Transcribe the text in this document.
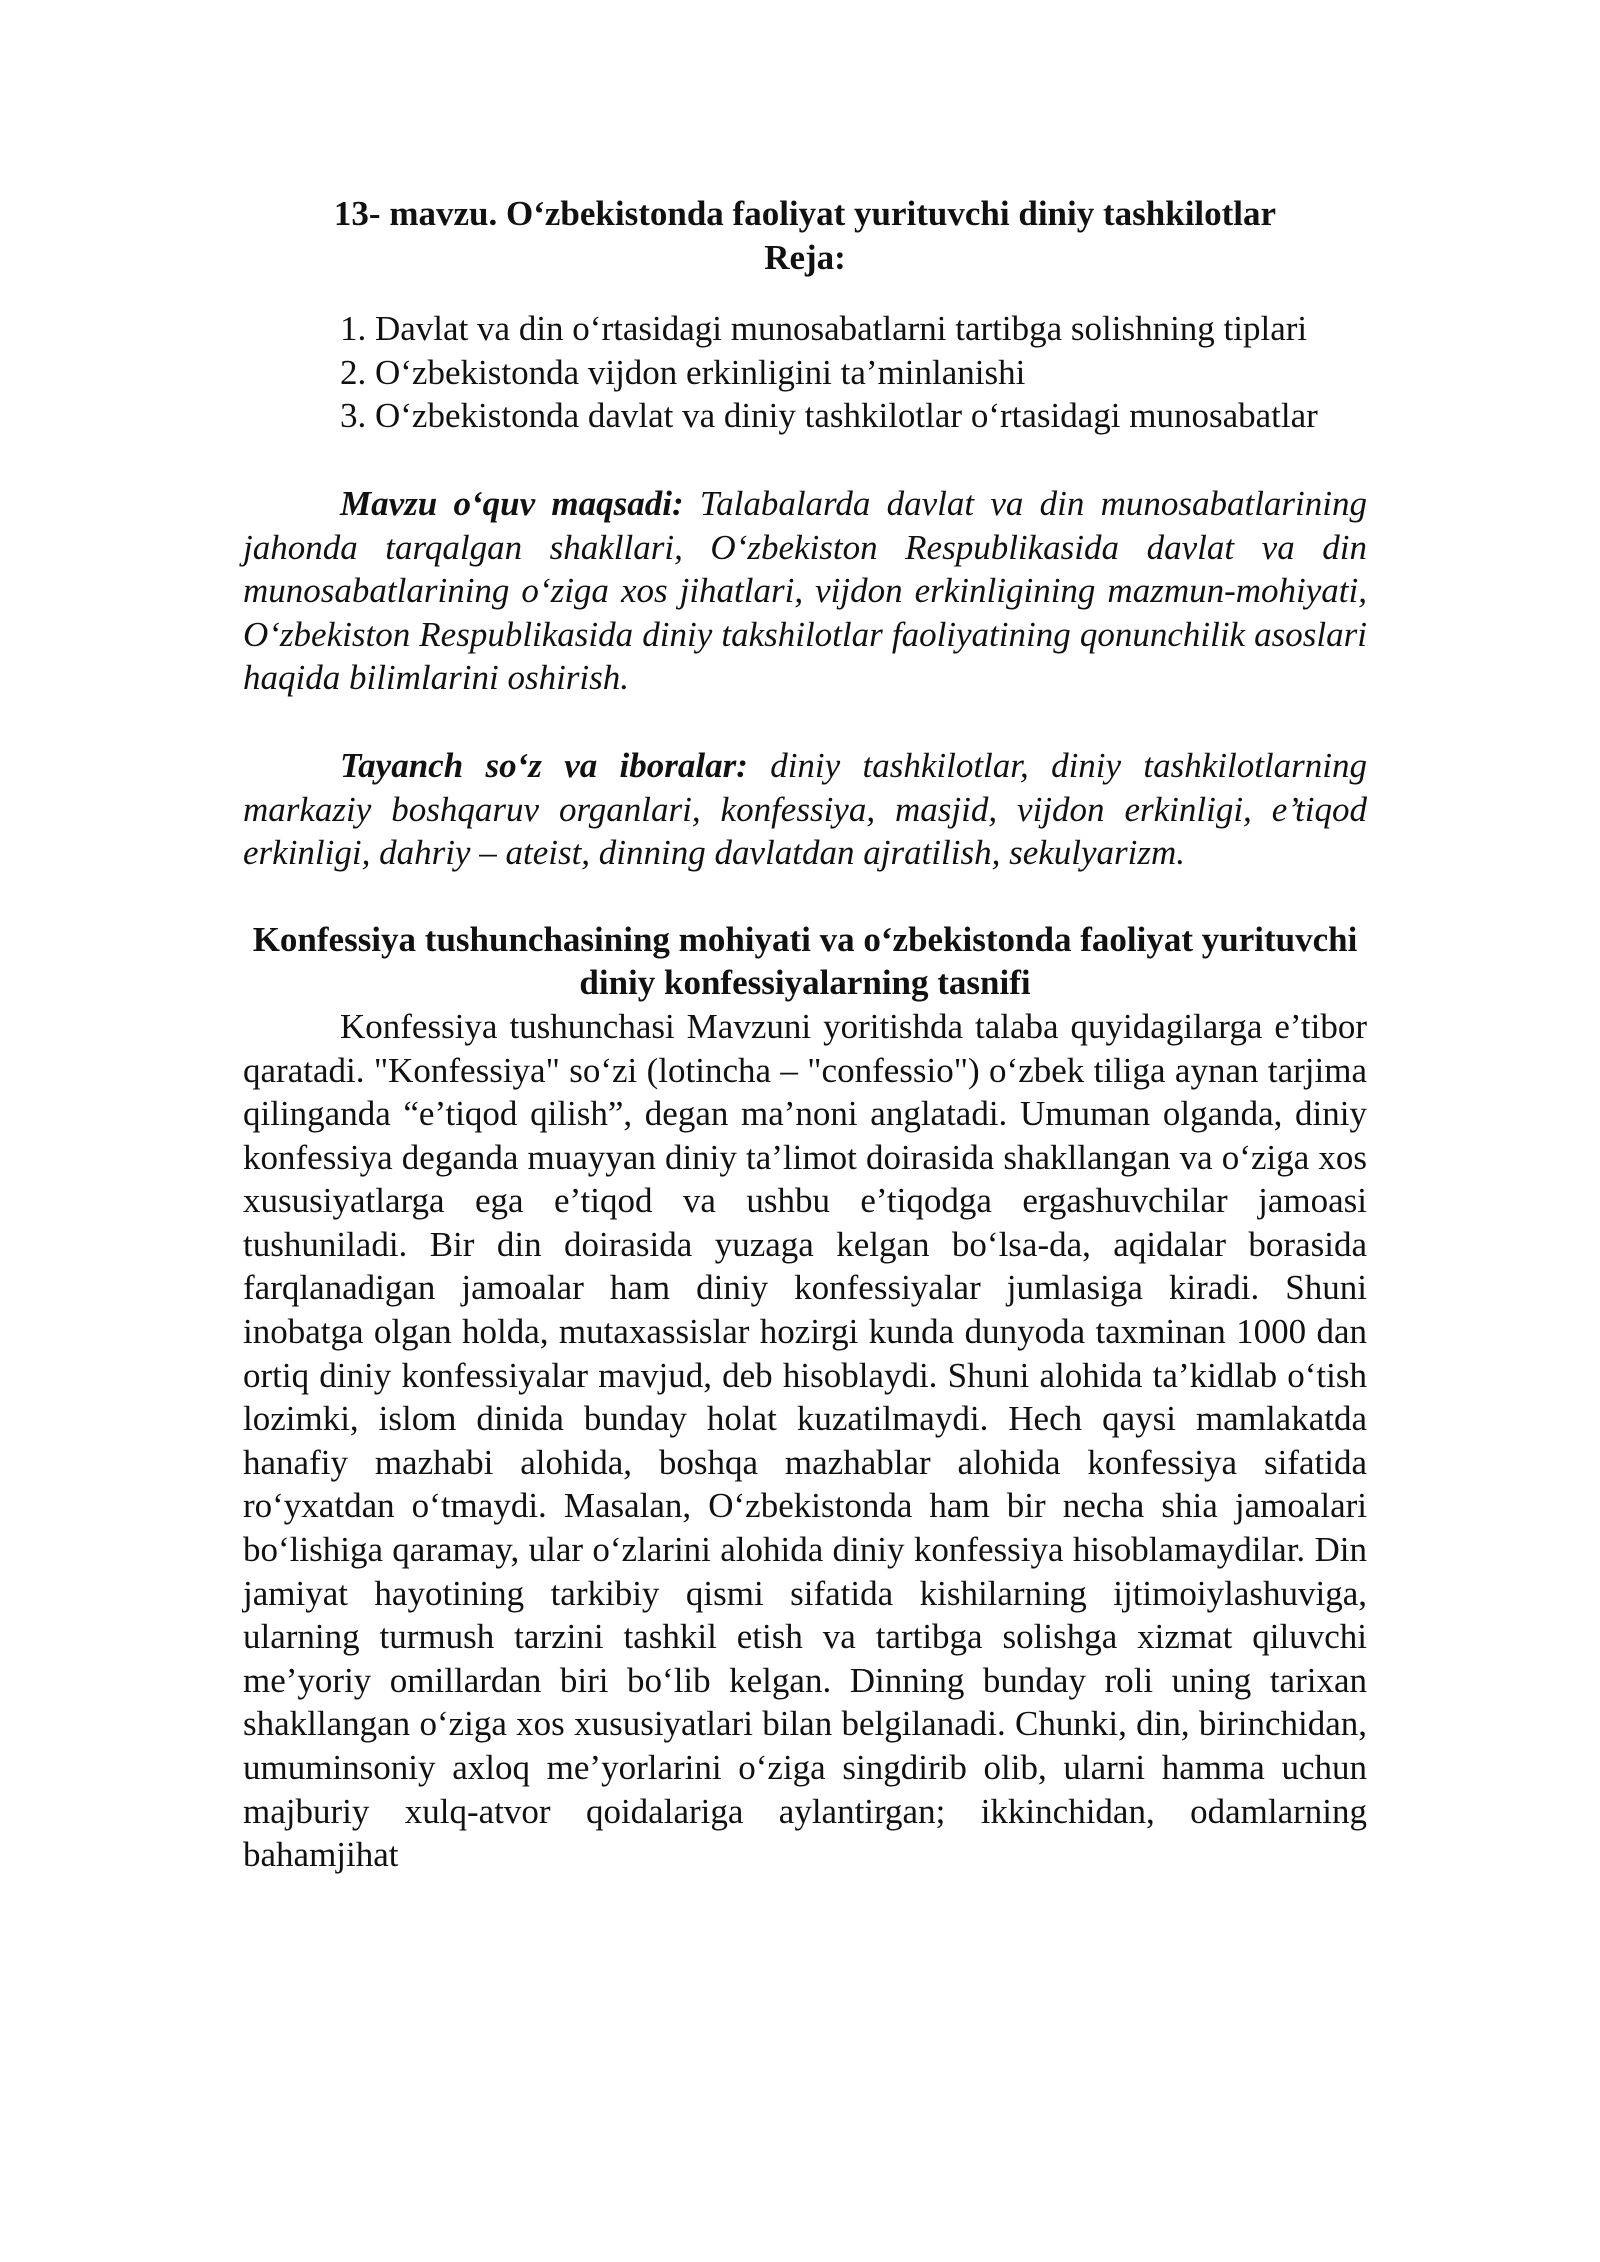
13- mavzu. O‘zbekistonda faoliyat yurituvchi diniy tashkilotlar

Reja:

1. Davlat va din o‘rtasidagi munosabatlarni tartibga solishning tiplari

2. O‘zbekistonda vijdon erkinligini ta’minlanishi

3. O‘zbekistonda davlat va diniy tashkilotlar o‘rtasidagi munosabatlar

Mavzu o‘quv maqsadi: Talabalarda davlat va din munosabatlarining jahonda tarqalgan shakllari, O‘zbekiston Respublikasida davlat va din munosabatlarining o‘ziga xos jihatlari, vijdon erkinligining mazmun-mohiyati, O‘zbekiston Respublikasida diniy takshilotlar faoliyatining qonunchilik asoslari haqida bilimlarini oshirish.

Tayanch so‘z va iboralar: diniy tashkilotlar, diniy tashkilotlarning markaziy boshqaruv organlari, konfessiya, masjid, vijdon erkinligi, e’tiqod erkinligi, dahriy – ateist, dinning davlatdan ajratilish, sekulyarizm.

Konfessiya tushunchasining mohiyati va o‘zbekistonda faoliyat yurituvchi diniy konfessiyalarning tasnifi

Konfessiya tushunchasi Mavzuni yoritishda talaba quyidagilarga e’tibor qaratadi. "Konfessiya" so‘zi (lotincha – "confessio") o‘zbek tiliga aynan tarjima qilinganda “e’tiqod qilish”, degan ma’noni anglatadi. Umuman olganda, diniy konfessiya deganda muayyan diniy ta’limot doirasida shakllangan va o‘ziga xos xususiyatlarga ega e’tiqod va ushbu e’tiqodga ergashuvchilar jamoasi tushuniladi. Bir din doirasida yuzaga kelgan bo‘lsa-da, aqidalar borasida farqlanadigan jamoalar ham diniy konfessiyalar jumlasiga kiradi. Shuni inobatga olgan holda, mutaxassislar hozirgi kunda dunyoda taxminan 1000 dan ortiq diniy konfessiyalar mavjud, deb hisoblaydi. Shuni alohida ta’kidlab o‘tish lozimki, islom dinida bunday holat kuzatilmaydi. Hech qaysi mamlakatda hanafiy mazhabi alohida, boshqa mazhablar alohida konfessiya sifatida ro‘yxatdan o‘tmaydi. Masalan, O‘zbekistonda ham bir necha shia jamoalari bo‘lishiga qaramay, ular o‘zlarini alohida diniy konfessiya hisoblamaydilar. Din jamiyat hayotining tarkibiy qismi sifatida kishilarning ijtimoiylashuviga, ularning turmush tarzini tashkil etish va tartibga solishga xizmat qiluvchi me’yoriy omillardan biri bo‘lib kelgan. Dinning bunday roli uning tarixan shakllangan o‘ziga xos xususiyatlari bilan belgilanadi. Chunki, din, birinchidan, umuminsoniy axloq me’yorlarini o‘ziga singdirib olib, ularni hamma uchun majburiy xulq-atvor qoidalariga aylantirgan; ikkinchidan, odamlarning bahamjihat
